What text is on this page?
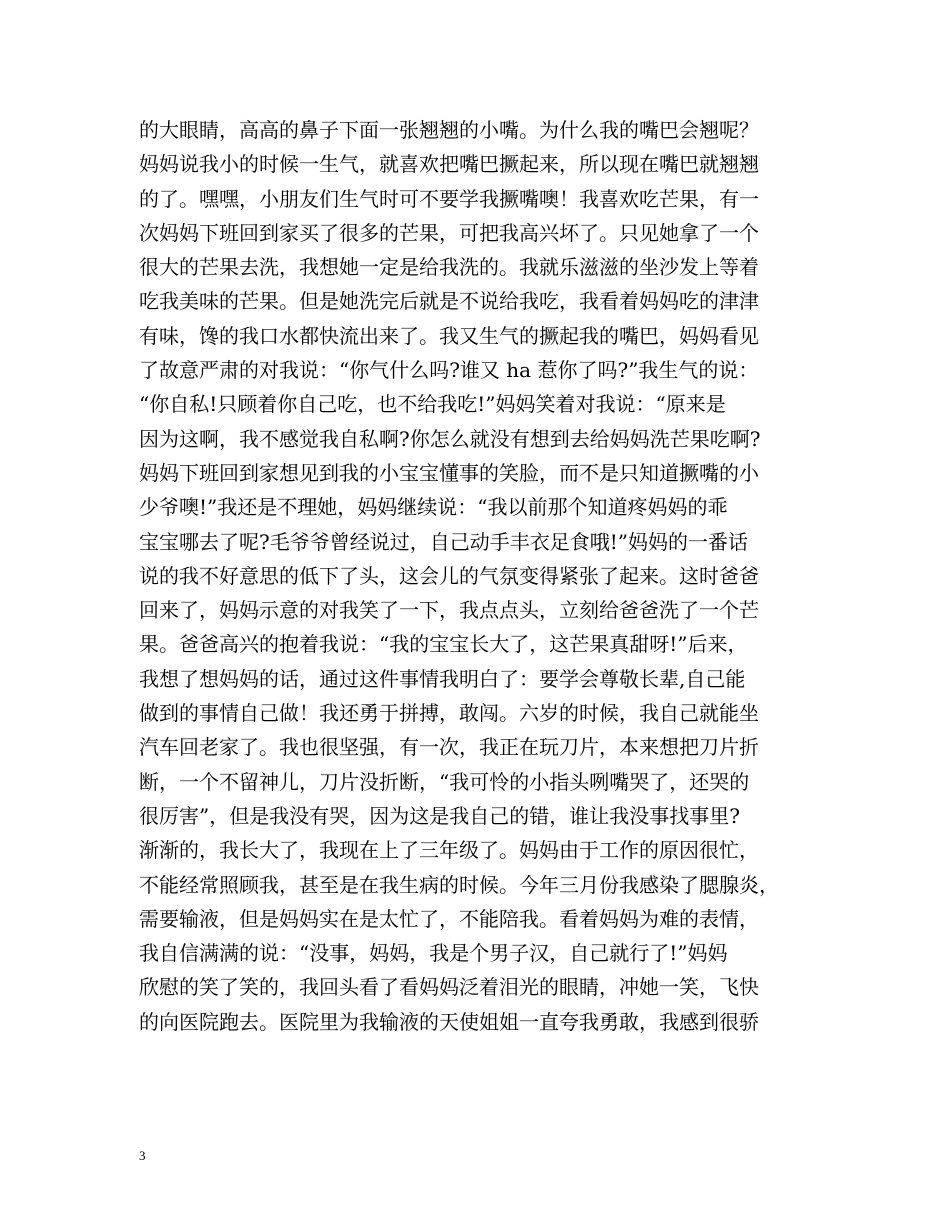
的大眼睛，高高的鼻子下面一张翘翘的小嘴。为什么我的嘴巴会翘呢？
妈妈说我小的时候一生气，就喜欢把嘴巴撅起来，所以现在嘴巴就翘翘
的了。嘿嘿，小朋友们生气时可不要学我撅嘴噢！我喜欢吃芒果，有一
次妈妈下班回到家买了很多的芒果，可把我高兴坏了。只见她拿了一个
很大的芒果去洗，我想她一定是给我洗的。我就乐滋滋的坐沙发上等着
吃我美味的芒果。但是她洗完后就是不说给我吃，我看着妈妈吃的津津
有味，馋的我口水都快流出来了。我又生气的撅起我的嘴巴，妈妈看见
了故意严肃的对我说：“你气什么吗?谁又 ha 惹你了吗?”我生气的说：
“你自私!只顾着你自己吃，也不给我吃!”妈妈笑着对我说：“原来是
因为这啊，我不感觉我自私啊?你怎么就没有想到去给妈妈洗芒果吃啊?
妈妈下班回到家想见到我的小宝宝懂事的笑脸，而不是只知道撅嘴的小
少爷噢!”我还是不理她，妈妈继续说：“我以前那个知道疼妈妈的乖
宝宝哪去了呢?毛爷爷曾经说过，自己动手丰衣足食哦!”妈妈的一番话
说的我不好意思的低下了头，这会儿的气氛变得紧张了起来。这时爸爸
回来了，妈妈示意的对我笑了一下，我点点头，立刻给爸爸洗了一个芒
果。爸爸高兴的抱着我说：“我的宝宝长大了，这芒果真甜呀!”后来，
我想了想妈妈的话，通过这件事情我明白了：要学会尊敬长辈,自己能
做到的事情自己做！我还勇于拼搏，敢闯。六岁的时候，我自己就能坐
汽车回老家了。我也很坚强，有一次，我正在玩刀片，本来想把刀片折
断，一个不留神儿，刀片没折断，“我可怜的小指头咧嘴哭了，还哭的
很厉害”，但是我没有哭，因为这是我自己的错，谁让我没事找事里?
渐渐的，我长大了，我现在上了三年级了。妈妈由于工作的原因很忙，
不能经常照顾我，甚至是在我生病的时候。今年三月份我感染了腮腺炎，
需要输液，但是妈妈实在是太忙了，不能陪我。看着妈妈为难的表情，
我自信满满的说：“没事，妈妈，我是个男子汉，自己就行了!”妈妈
欣慰的笑了笑的，我回头看了看妈妈泛着泪光的眼睛，冲她一笑，飞快
的向医院跑去。医院里为我输液的天使姐姐一直夸我勇敢，我感到很骄
3
